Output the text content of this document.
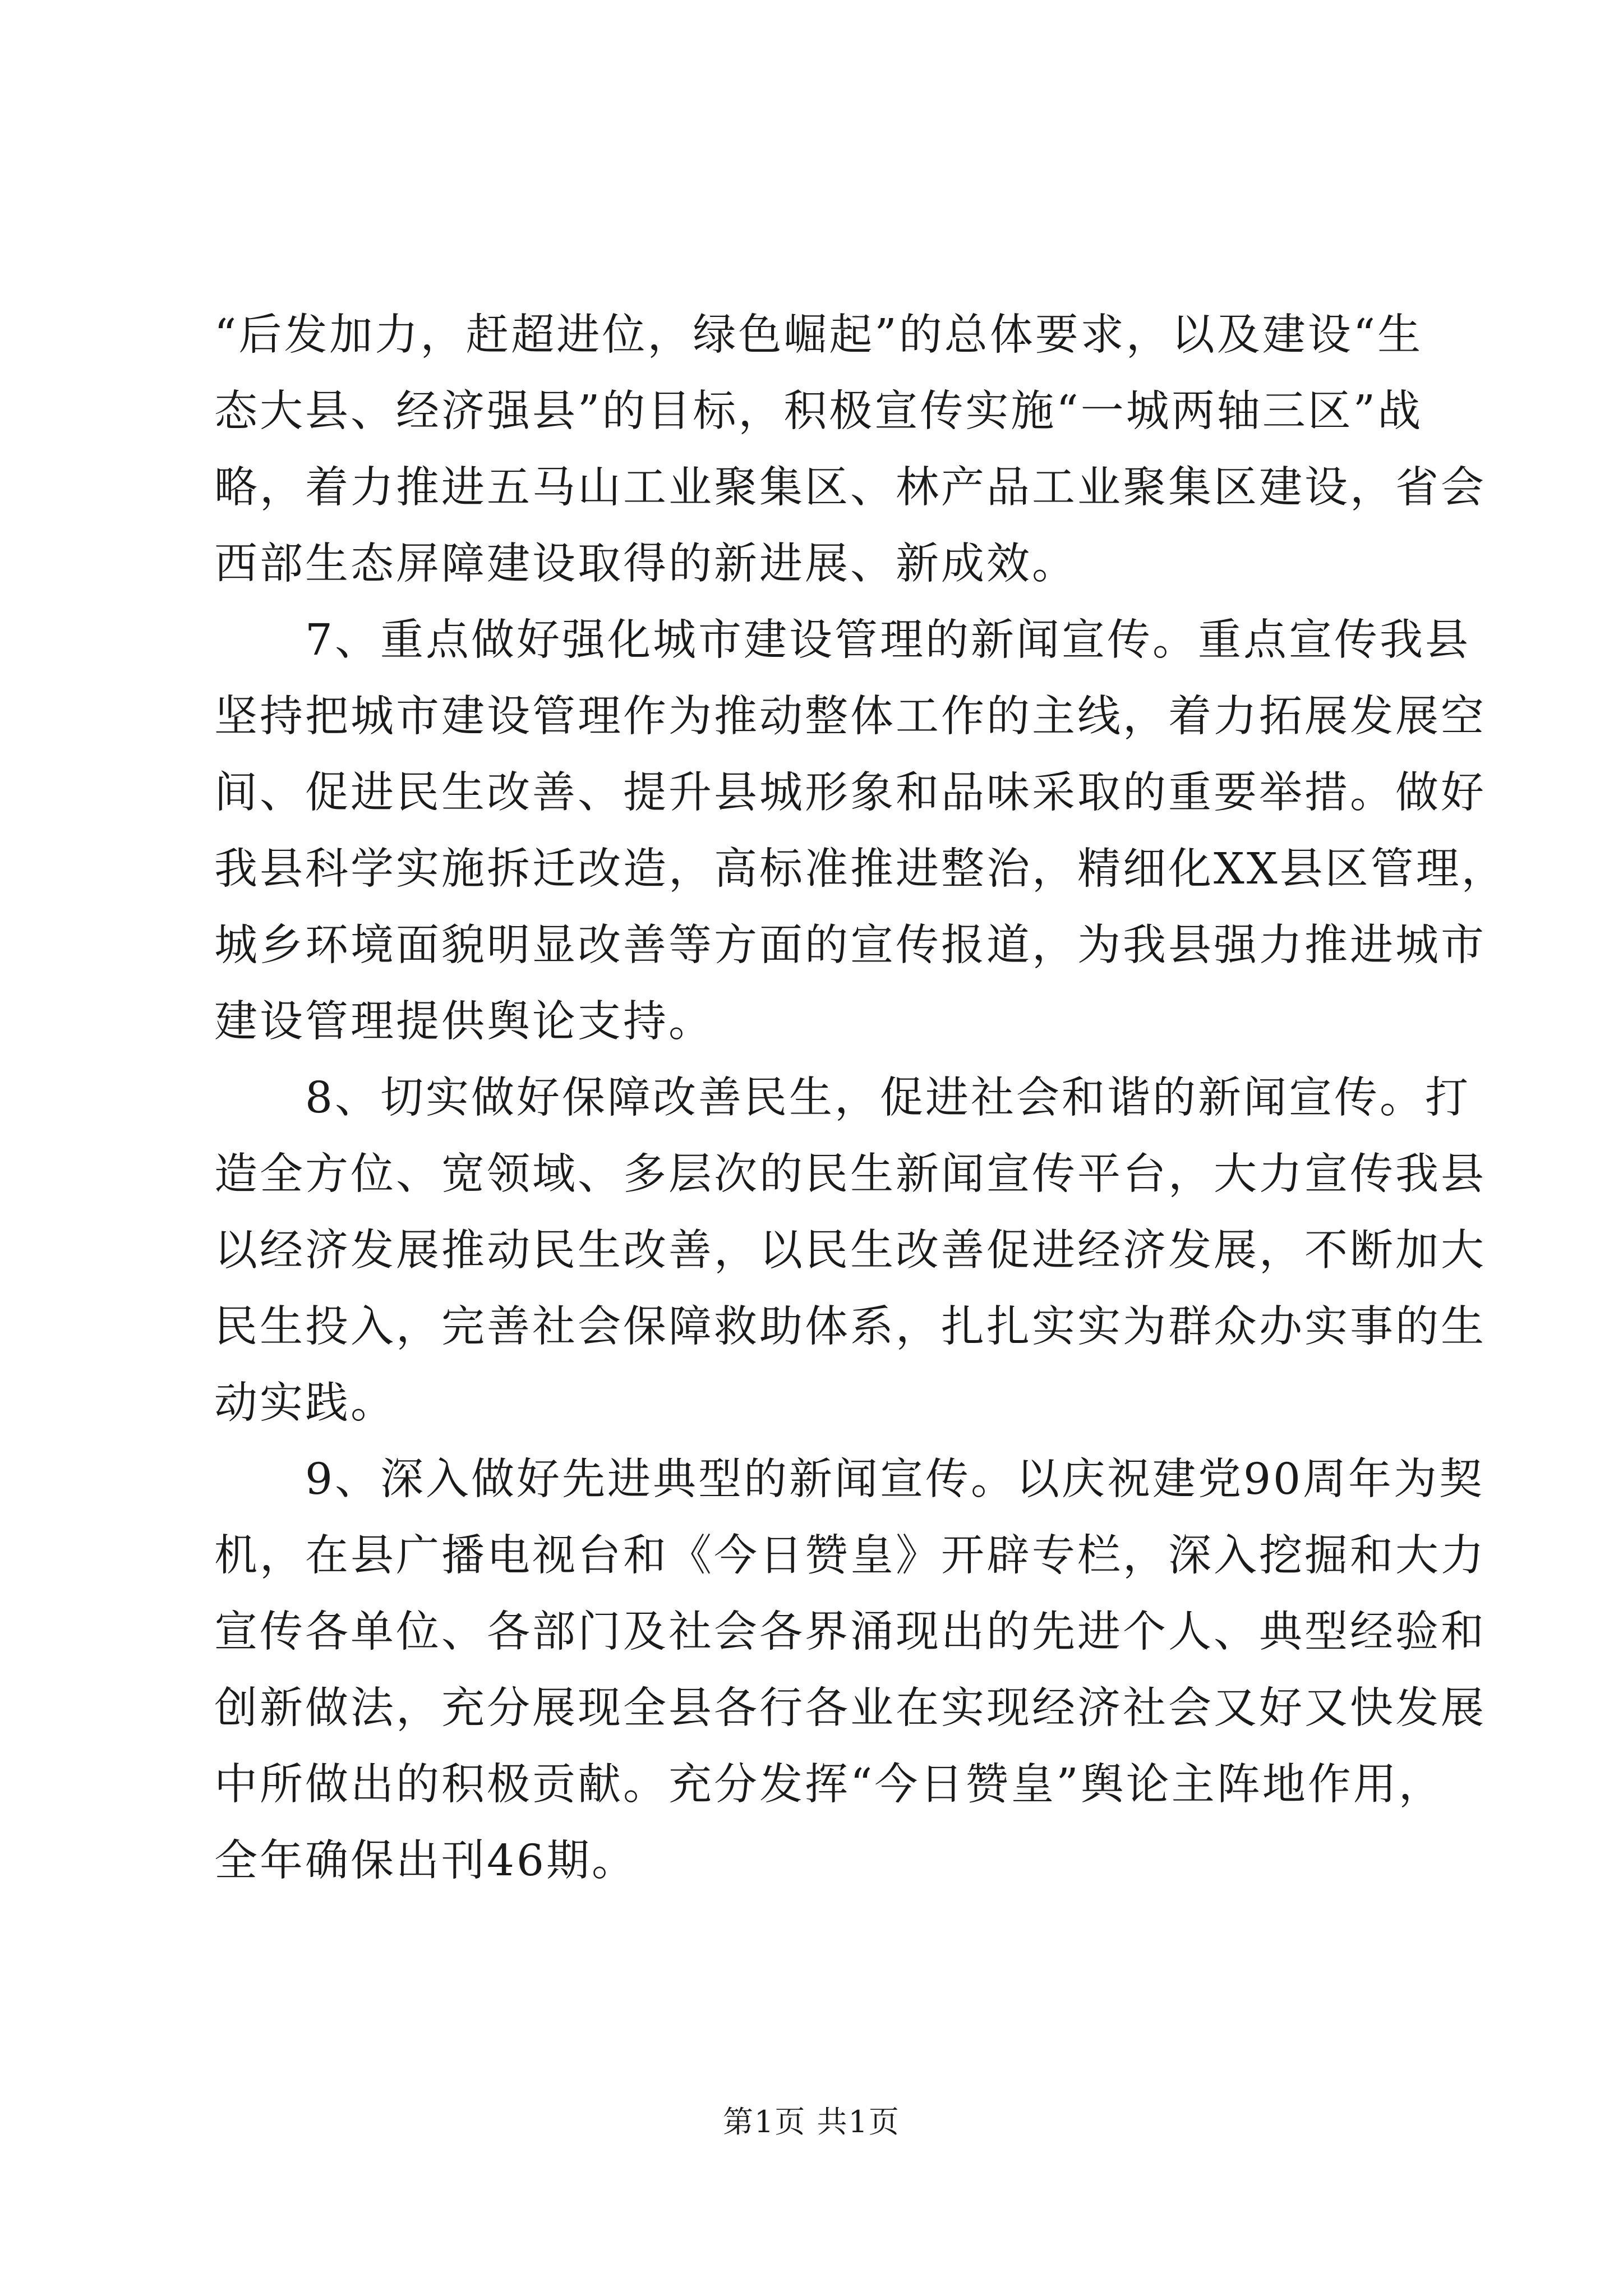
“后发加力，赶超进位，绿色崛起”的总体要求，以及建设“生
态大县、经济强县”的目标，积极宣传实施“一城两轴三区”战
略，着力推进五马山工业聚集区、林产品工业聚集区建设，省会
西部生态屏障建设取得的新进展、新成效。
　　7、重点做好强化城市建设管理的新闻宣传。重点宣传我县
坚持把城市建设管理作为推动整体工作的主线，着力拓展发展空
间、促进民生改善、提升县城形象和品味采取的重要举措。做好
我县科学实施拆迁改造，高标准推进整治，精细化XX县区管理，
城乡环境面貌明显改善等方面的宣传报道，为我县强力推进城市
建设管理提供舆论支持。
　　8、切实做好保障改善民生，促进社会和谐的新闻宣传。打
造全方位、宽领域、多层次的民生新闻宣传平台，大力宣传我县
以经济发展推动民生改善，以民生改善促进经济发展，不断加大
民生投入，完善社会保障救助体系，扎扎实实为群众办实事的生
动实践。
　　9、深入做好先进典型的新闻宣传。以庆祝建党90周年为契
机，在县广播电视台和《今日赞皇》开辟专栏，深入挖掘和大力
宣传各单位、各部门及社会各界涌现出的先进个人、典型经验和
创新做法，充分展现全县各行各业在实现经济社会又好又快发展
中所做出的积极贡献。充分发挥“今日赞皇”舆论主阵地作用，
全年确保出刊46期。
第1页 共1页
